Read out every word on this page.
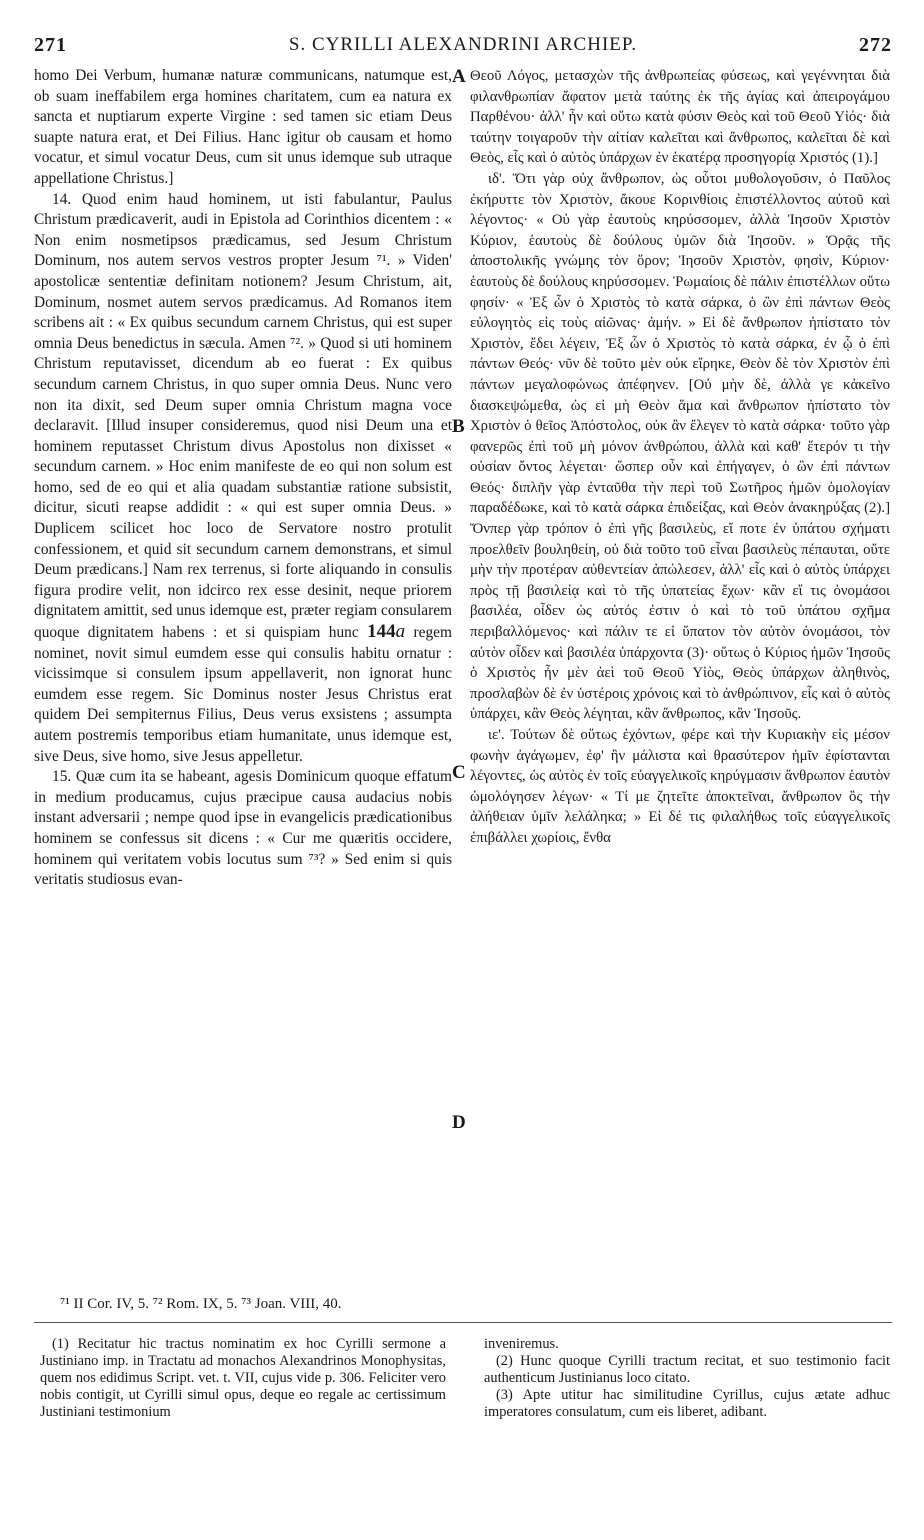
271	S. CYRILLI ALEXANDRINI ARCHIEP.	272

homo Dei Verbum, humanæ naturæ communicans, natumque est, ob suam ineffabilem erga homines charitatem, cum ea natura ex sancta et nuptiarum experte Virgine : sed tamen sic etiam Deus suapte natura erat, et Dei Filius. Hanc igitur ob causam et homo vocatur, et simul vocatur Deus, cum sit unus idemque sub utraque appellatione Christus.]

14. Quod enim haud hominem, ut isti fabulantur, Paulus Christum prædicaverit, audi in Epistola ad Corinthios dicentem : « Non enim nosmetipsos prædicamus, sed Jesum Christum Dominum, nos autem servos vestros propter Jesum ⁷¹. » Viden' apostolicæ sententiæ definitam notionem? Jesum Christum, ait, Dominum, nosmet autem servos prædicamus. Ad Romanos item scribens ait : « Ex quibus secundum carnem Christus, qui est super omnia Deus benedictus in sæcula. Amen ⁷². » Quod si uti hominem Christum reputavisset, dicendum ab eo fuerat : Ex quibus secundum carnem Christus, in quo super omnia Deus. Nunc vero non ita dixit, sed Deum super omnia Christum magna voce declaravit. [Illud insuper consideremus, quod nisi Deum una et hominem reputasset Christum divus Apostolus non dixisset « secundum carnem. » Hoc enim manifeste de eo qui non solum est homo, sed de eo qui et alia quadam substantiæ ratione subsistit, dicitur, sicuti reapse addidit : « qui est super omnia Deus. » Duplicem scilicet hoc loco de Servatore nostro protulit confessionem, et quid sit secundum carnem demonstrans, et simul Deum prædicans.] Nam rex terrenus, si forte aliquando in consulis figura prodire velit, non idcirco rex esse desinit, neque priorem dignitatem amittit, sed unus idemque est, præter regiam consularem quoque dignitatem habens : et si quispiam hunc 144a regem nominet, novit simul eumdem esse qui consulis habitu ornatur : vicissimque si consulem ipsum appellaverit, non ignorat hunc eumdem esse regem. Sic Dominus noster Jesus Christus erat quidem Dei sempiternus Filius, Deus verus exsistens ; assumpta autem postremis temporibus etiam humanitate, unus idemque est, sive Deus, sive homo, sive Jesus appelletur.

15. Quæ cum ita se habeant, agesis Dominicum quoque effatum in medium producamus, cujus præcipue causa audacius nobis instant adversarii ; nempe quod ipse in evangelicis prædicationibus hominem se confessus sit dicens : « Cur me quæritis occidere, hominem qui veritatem vobis locutus sum ⁷³? » Sed enim si quis veritatis studiosus evan-

A
B
C
D

Θεοῦ Λόγος, μετασχὼν τῆς ἀνθρωπείας φύσεως, καὶ γεγέννηται διὰ φιλανθρωπίαν ἄφατον μετὰ ταύτης ἐκ τῆς ἁγίας καὶ ἀπειρογάμου Παρθένου· ἀλλ' ἦν καὶ οὕτω κατὰ φύσιν Θεὸς καὶ τοῦ Θεοῦ Υἱός· διὰ ταύτην τοιγαροῦν τὴν αἰτίαν καλεῖται καὶ ἄνθρωπος, καλεῖται δὲ καὶ Θεὸς, εἷς καὶ ὁ αὐτὸς ὑπάρχων ἐν ἑκατέρᾳ προσηγορίᾳ Χριστός (1).]

ιδ'. Ὅτι γὰρ οὐχ ἄνθρωπον, ὡς οὗτοι μυθολογοῦσιν, ὁ Παῦλος ἐκήρυττε τὸν Χριστὸν, ἄκουε Κορινθίοις ἐπιστέλλοντος αὐτοῦ καὶ λέγοντος· « Οὐ γὰρ ἑαυτοὺς κηρύσσομεν, ἀλλὰ Ἰησοῦν Χριστὸν Κύριον, ἑαυτοὺς δὲ δούλους ὑμῶν διὰ Ἰησοῦν. » Ὁρᾷς τῆς ἀποστολικῆς γνώμης τὸν ὅρον; Ἰησοῦν Χριστὸν, φησὶν, Κύριον· ἑαυτοὺς δὲ δούλους κηρύσσομεν. Ῥωμαίοις δὲ πάλιν ἐπιστέλλων οὕτω φησίν· « Ἐξ ὧν ὁ Χριστὸς τὸ κατὰ σάρκα, ὁ ὢν ἐπὶ πάντων Θεὸς εὐλογητὸς εἰς τοὺς αἰῶνας· ἀμήν. » Εἰ δὲ ἄνθρωπον ἠπίστατο τὸν Χριστὸν, ἔδει λέγειν, Ἐξ ὧν ὁ Χριστὸς τὸ κατὰ σάρκα, ἐν ᾧ ὁ ἐπὶ πάντων Θεός· νῦν δὲ τοῦτο μὲν οὐκ εἴρηκε, Θεὸν δὲ τὸν Χριστὸν ἐπὶ πάντων μεγαλοφώνως ἀπέφηνεν. [Οὐ μὴν δὲ, ἀλλὰ γε κἀκεῖνο διασκεψώμεθα, ὡς εἰ μὴ Θεὸν ἅμα καὶ ἄνθρωπον ἠπίστατο τὸν Χριστὸν ὁ θεῖος Ἀπόστολος, οὐκ ἂν ἔλεγεν τὸ κατὰ σάρκα· τοῦτο γὰρ φανερῶς ἐπὶ τοῦ μὴ μόνον ἀνθρώπου, ἀλλὰ καὶ καθ' ἕτερόν τι τὴν οὐσίαν ὄντος λέγεται· ὥσπερ οὖν καὶ ἐπήγαγεν, ὁ ὢν ἐπὶ πάντων Θεός· διπλῆν γὰρ ἐνταῦθα τὴν περὶ τοῦ Σωτῆρος ἡμῶν ὁμολογίαν παραδέδωκε, καὶ τὸ κατὰ σάρκα ἐπιδείξας, καὶ Θεὸν ἀνακηρύξας (2).] Ὅνπερ γὰρ τρόπον ὁ ἐπὶ γῆς βασιλεὺς, εἴ ποτε ἐν ὑπάτου σχήματι προελθεῖν βουληθείη, οὐ διὰ τοῦτο τοῦ εἶναι βασιλεὺς πέπαυται, οὔτε μὴν τὴν προτέραν αὐθεντείαν ἀπώλεσεν, ἀλλ' εἷς καὶ ὁ αὐτὸς ὑπάρχει πρὸς τῇ βασιλείᾳ καὶ τὸ τῆς ὑπατείας ἔχων· κἂν εἴ τις ὀνομάσοι βασιλέα, οἶδεν ὡς αὐτός ἐστιν ὁ καὶ τὸ τοῦ ὑπάτου σχῆμα περιβαλλόμενος· καὶ πάλιν τε εἰ ὕπατον τὸν αὐτὸν ὀνομάσοι, τὸν αὐτὸν οἶδεν καὶ βασιλέα ὑπάρχοντα (3)· οὕτως ὁ Κύριος ἡμῶν Ἰησοῦς ὁ Χριστὸς ἦν μὲν ἀεὶ τοῦ Θεοῦ Υἱὸς, Θεὸς ὑπάρχων ἀληθινὸς, προσλαβὼν δὲ ἐν ὑστέροις χρόνοις καὶ τὸ ἀνθρώπινον, εἷς καὶ ὁ αὐτὸς ὑπάρχει, κἂν Θεὸς λέγηται, κἂν ἄνθρωπος, κἂν Ἰησοῦς.

ιε'. Τούτων δὲ οὕτως ἐχόντων, φέρε καὶ τὴν Κυριακὴν εἰς μέσον φωνὴν ἀγάγωμεν, ἐφ' ἣν μάλιστα καὶ θρασύτερον ἡμῖν ἐφίστανται λέγοντες, ὡς αὐτὸς ἐν τοῖς εὐαγγελικοῖς κηρύγμασιν ἄνθρωπον ἑαυτὸν ὡμολόγησεν λέγων· « Τί με ζητεῖτε ἀποκτεῖναι, ἄνθρωπον ὃς τὴν ἀλήθειαν ὑμῖν λελάληκα; » Εἰ δέ τις φιλαλήθως τοῖς εὐαγγελικοῖς ἐπιβάλλει χωρίοις, ἔνθα

⁷¹ II Cor. IV, 5. ⁷² Rom. IX, 5. ⁷³ Joan. VIII, 40.

(1) Recitatur hic tractus nominatim ex hoc Cyrilli sermone a Justiniano imp. in Tractatu ad monachos Alexandrinos Monophysitas, quem nos edidimus Script. vet. t. VII, cujus vide p. 306. Feliciter vero nobis contigit, ut Cyrilli simul opus, deque eo regale ac certissimum Justiniani testimonium

inveniremus.

(2) Hunc quoque Cyrilli tractum recitat, et suo testimonio facit authenticum Justinianus loco citato.

(3) Apte utitur hac similitudine Cyrillus, cujus ætate adhuc imperatores consulatum, cum eis liberet, adibant.
